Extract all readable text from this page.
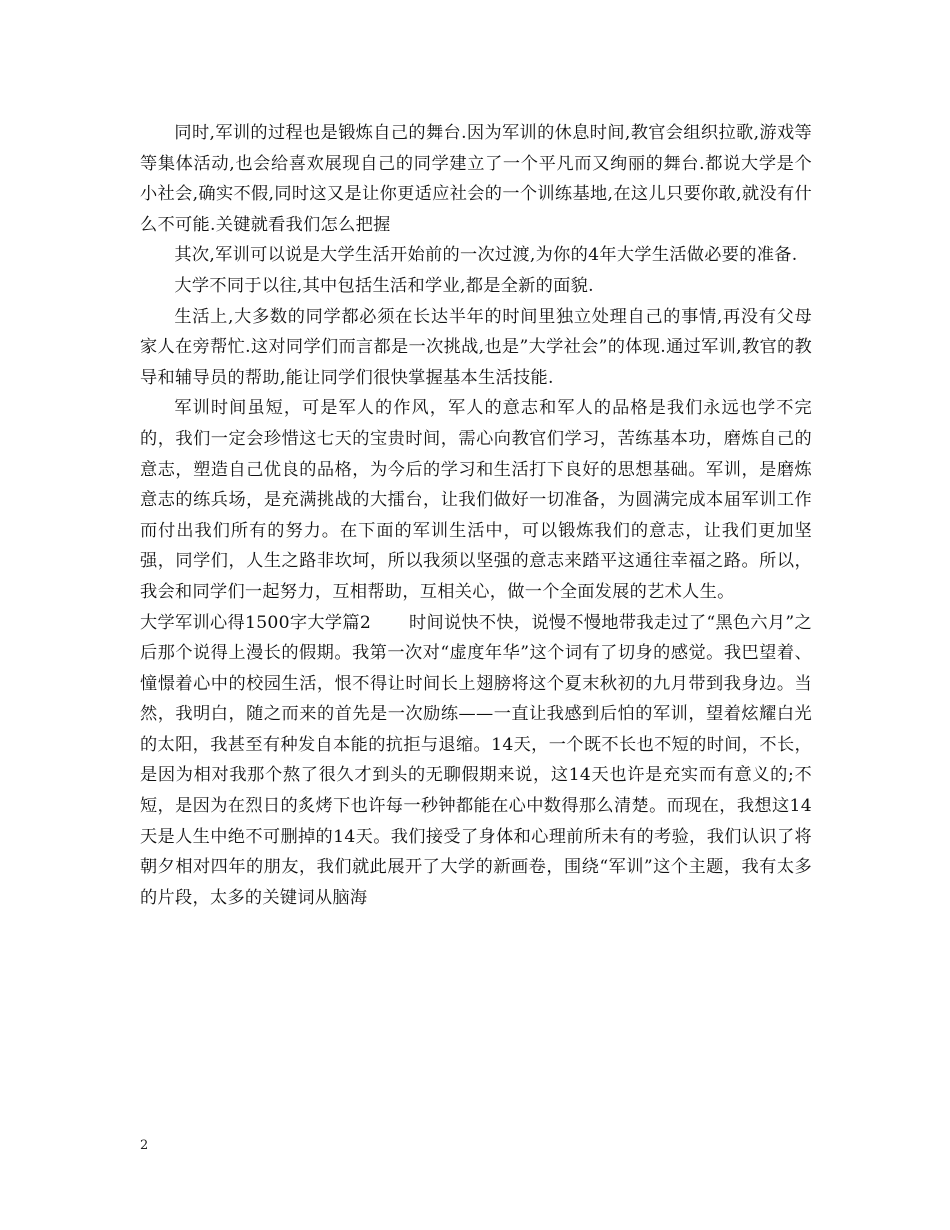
同时,军训的过程也是锻炼自己的舞台.因为军训的休息时间,教官会组织拉歌,游戏等等集体活动,也会给喜欢展现自己的同学建立了一个平凡而又绚丽的舞台.都说大学是个小社会,确实不假,同时这又是让你更适应社会的一个训练基地,在这儿只要你敢,就没有什么不可能.关键就看我们怎么把握

其次,军训可以说是大学生活开始前的一次过渡,为你的4年大学生活做必要的准备.

大学不同于以往,其中包括生活和学业,都是全新的面貌.

生活上,大多数的同学都必须在长达半年的时间里独立处理自己的事情,再没有父母家人在旁帮忙.这对同学们而言都是一次挑战,也是”大学社会”的体现.通过军训,教官的教导和辅导员的帮助,能让同学们很快掌握基本生活技能.

军训时间虽短，可是军人的作风，军人的意志和军人的品格是我们永远也学不完的，我们一定会珍惜这七天的宝贵时间，需心向教官们学习，苦练基本功，磨炼自己的意志，塑造自己优良的品格，为今后的学习和生活打下良好的思想基础。军训，是磨炼意志的练兵场，是充满挑战的大擂台，让我们做好一切准备，为圆满完成本届军训工作而付出我们所有的努力。在下面的军训生活中，可以锻炼我们的意志，让我们更加坚强，同学们，人生之路非坎坷，所以我须以坚强的意志来踏平这通往幸福之路。所以，我会和同学们一起努力，互相帮助，互相关心，做一个全面发展的艺术人生。

大学军训心得1500字大学篇2 时间说快不快，说慢不慢地带我走过了“黑色六月”之后那个说得上漫长的假期。我第一次对“虚度年华”这个词有了切身的感觉。我巴望着、憧憬着心中的校园生活，恨不得让时间长上翅膀将这个夏末秋初的九月带到我身边。当然，我明白，随之而来的首先是一次励练——一直让我感到后怕的军训，望着炫耀白光的太阳，我甚至有种发自本能的抗拒与退缩。14天，一个既不长也不短的时间，不长，是因为相对我那个熬了很久才到头的无聊假期来说，这14天也许是充实而有意义的;不短，是因为在烈日的炙烤下也许每一秒钟都能在心中数得那么清楚。而现在，我想这14天是人生中绝不可删掉的14天。我们接受了身体和心理前所未有的考验，我们认识了将朝夕相对四年的朋友，我们就此展开了大学的新画卷，围绕“军训”这个主题，我有太多的片段，太多的关键词从脑海

2
